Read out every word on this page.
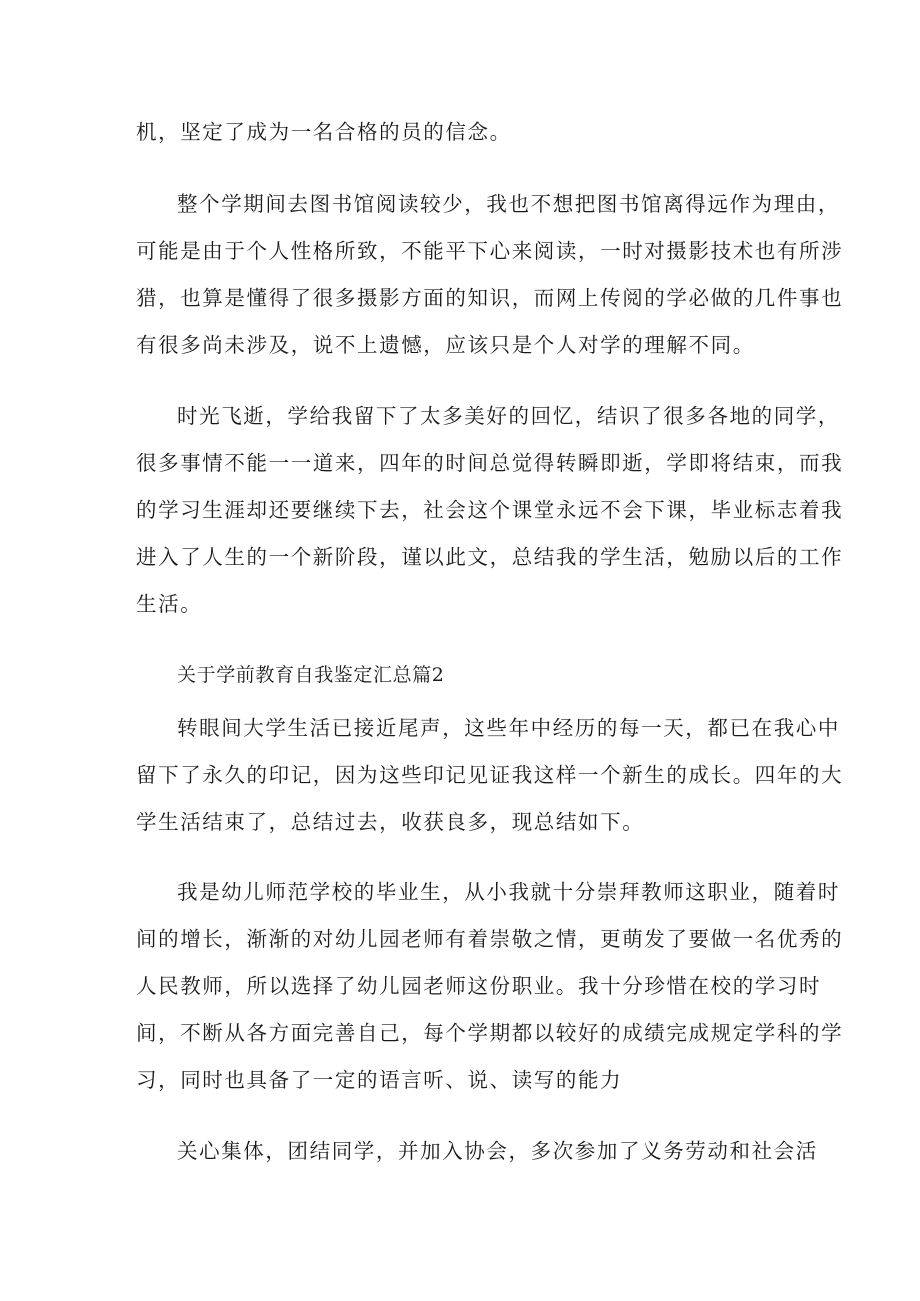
机，坚定了成为一名合格的员的信念。
整个学期间去图书馆阅读较少，我也不想把图书馆离得远作为理由，
可能是由于个人性格所致，不能平下心来阅读，一时对摄影技术也有所涉
猎，也算是懂得了很多摄影方面的知识，而网上传阅的学必做的几件事也
有很多尚未涉及，说不上遗憾，应该只是个人对学的理解不同。
时光飞逝，学给我留下了太多美好的回忆，结识了很多各地的同学，
很多事情不能一一道来，四年的时间总觉得转瞬即逝，学即将结束，而我
的学习生涯却还要继续下去，社会这个课堂永远不会下课，毕业标志着我
进入了人生的一个新阶段，谨以此文，总结我的学生活，勉励以后的工作
生活。
关于学前教育自我鉴定汇总篇2
转眼间大学生活已接近尾声，这些年中经历的每一天，都已在我心中
留下了永久的印记，因为这些印记见证我这样一个新生的成长。四年的大
学生活结束了，总结过去，收获良多，现总结如下。
我是幼儿师范学校的毕业生，从小我就十分崇拜教师这职业，随着时
间的增长，渐渐的对幼儿园老师有着崇敬之情，更萌发了要做一名优秀的
人民教师，所以选择了幼儿园老师这份职业。我十分珍惜在校的学习时
间，不断从各方面完善自己，每个学期都以较好的成绩完成规定学科的学
习，同时也具备了一定的语言听、说、读写的能力
关心集体，团结同学，并加入协会，多次参加了义务劳动和社会活
